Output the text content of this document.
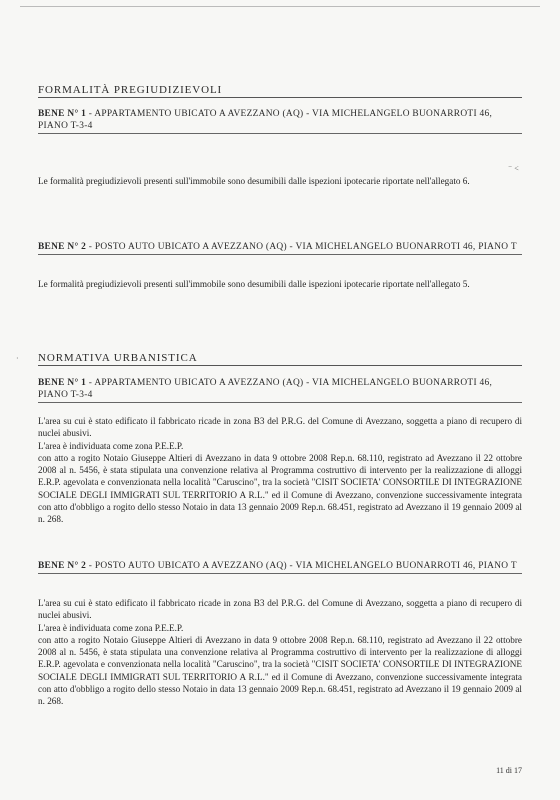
FORMALITÀ PREGIUDIZIEVOLI
BENE N° 1 - APPARTAMENTO UBICATO A AVEZZANO (AQ) - VIA MICHELANGELO BUONARROTI 46, PIANO T-3-4
⁻ ˂

Le formalità pregiudizievoli presenti sull'immobile sono desumibili dalle ispezioni ipotecarie riportate nell'allegato 6.

BENE N° 2 - POSTO AUTO UBICATO A AVEZZANO (AQ) - VIA MICHELANGELO BUONARROTI 46, PIANO T

Le formalità pregiudizievoli presenti sull'immobile sono desumibili dalle ispezioni ipotecarie riportate nell'allegato 5.

· NORMATIVA URBANISTICA
BENE N° 1 - APPARTAMENTO UBICATO A AVEZZANO (AQ) - VIA MICHELANGELO BUONARROTI 46, PIANO T-3-4
L'area su cui è stato edificato il fabbricato ricade in zona B3 del P.R.G. del Comune di Avezzano, soggetta a piano di recupero di nuclei abusivi.
L'area è individuata come zona P.E.E.P.
con atto a rogito Notaio Giuseppe Altieri di Avezzano in data 9 ottobre 2008 Rep.n. 68.110, registrato ad Avezzano il 22 ottobre 2008 al n. 5456, è stata stipulata una convenzione relativa al Programma costruttivo di intervento per la realizzazione di alloggi E.R.P. agevolata e convenzionata nella località "Caruscino", tra la società "CISIT SOCIETA' CONSORTILE DI INTEGRAZIONE SOCIALE DEGLI IMMIGRATI SUL TERRITORIO A R.L." ed il Comune di Avezzano, convenzione successivamente integrata con atto d'obbligo a rogito dello stesso Notaio in data 13 gennaio 2009 Rep.n. 68.451, registrato ad Avezzano il 19 gennaio 2009 al n. 268.
BENE N° 2 - POSTO AUTO UBICATO A AVEZZANO (AQ) - VIA MICHELANGELO BUONARROTI 46, PIANO T
L'area su cui è stato edificato il fabbricato ricade in zona B3 del P.R.G. del Comune di Avezzano, soggetta a piano di recupero di nuclei abusivi.
L'area è individuata come zona P.E.E.P.
con atto a rogito Notaio Giuseppe Altieri di Avezzano in data 9 ottobre 2008 Rep.n. 68.110, registrato ad Avezzano il 22 ottobre 2008 al n. 5456, è stata stipulata una convenzione relativa al Programma costruttivo di intervento per la realizzazione di alloggi E.R.P. agevolata e convenzionata nella località "Caruscino", tra la società "CISIT SOCIETA' CONSORTILE DI INTEGRAZIONE SOCIALE DEGLI IMMIGRATI SUL TERRITORIO A R.L." ed il Comune di Avezzano, convenzione successivamente integrata con atto d'obbligo a rogito dello stesso Notaio in data 13 gennaio 2009 Rep.n. 68.451, registrato ad Avezzano il 19 gennaio 2009 al n. 268.
11 di 17
